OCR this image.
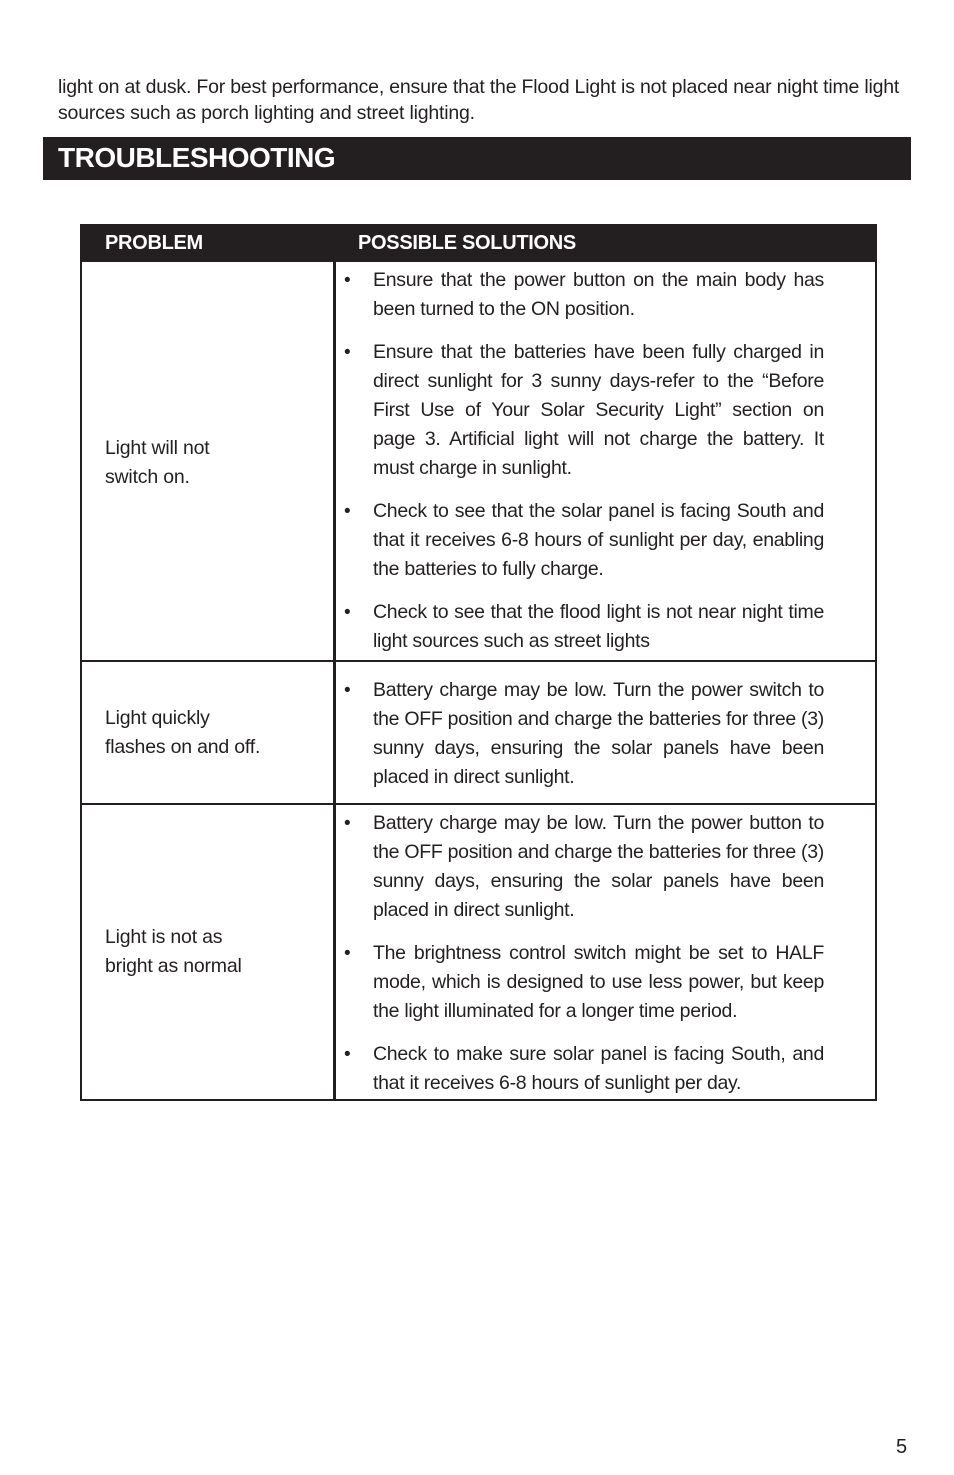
light on at dusk. For best performance, ensure that the Flood Light is not placed near night time light sources such as porch lighting and street lighting.

TROUBLESHOOTING
PROBLEM	POSSIBLE SOLUTIONS
Light will not
switch on.
• Ensure that the power button on the main body has been turned to the ON position.
• Ensure that the batteries have been fully charged in direct sunlight for 3 sunny days-refer to the “Before First Use of Your Solar Security Light” section on page 3. Artificial light will not charge the battery. It must charge in sunlight.
• Check to see that the solar panel is facing South and that it receives 6-8 hours of sunlight per day, enabling the batteries to fully charge.
• Check to see that the flood light is not near night time light sources such as street lights
Light quickly
flashes on and off.
• Battery charge may be low. Turn the power switch to the OFF position and charge the batteries for three (3) sunny days, ensuring the solar panels have been placed in direct sunlight.
Light is not as
bright as normal
• Battery charge may be low. Turn the power button to the OFF position and charge the batteries for three (3) sunny days, ensuring the solar panels have been placed in direct sunlight.
• The brightness control switch might be set to HALF mode, which is designed to use less power, but keep the light illuminated for a longer time period.
• Check to make sure solar panel is facing South, and that it receives 6-8 hours of sunlight per day.
5
